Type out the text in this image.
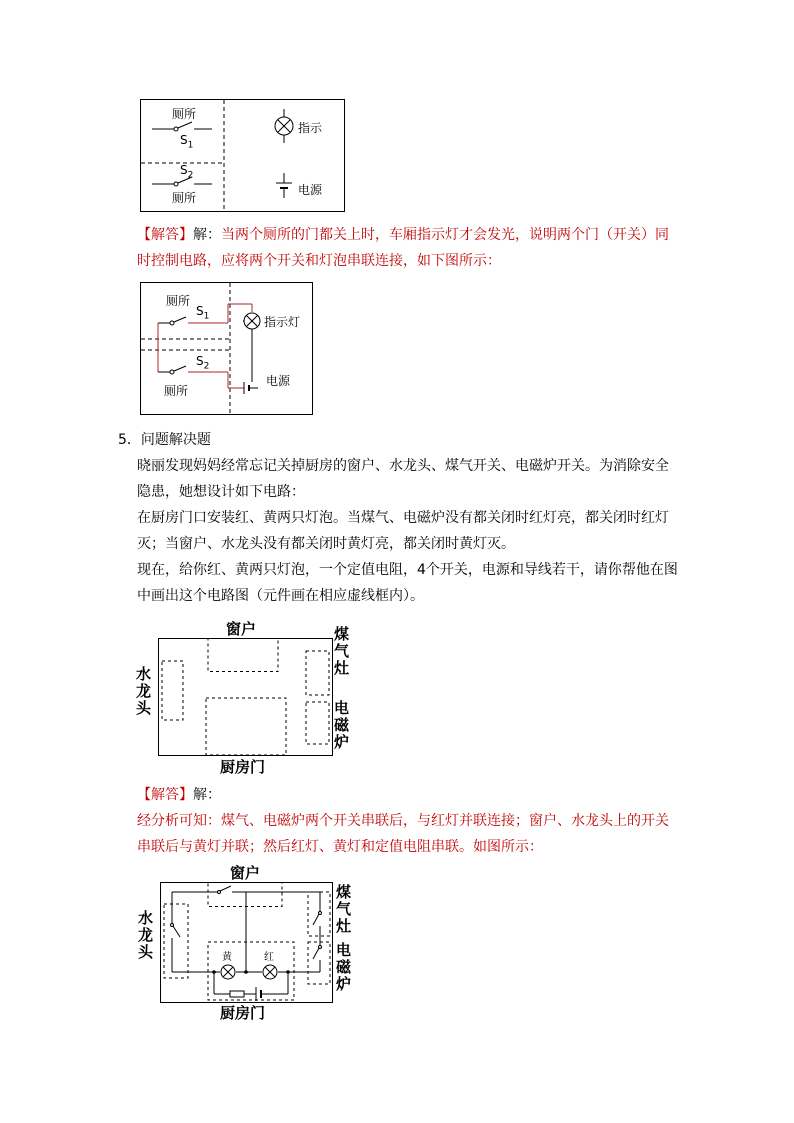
厕所
$S_1$
指示
$S_2$
厕所
电源
【解答】解：当两个厕所的门都关上时，车厢指示灯才会发光，说明两个门（开关）同
时控制电路，应将两个开关和灯泡串联连接，如下图所示：
厕所
$S_1$	指示灯
$S_2$
厕所
电源
5．问题解决题
晓丽发现妈妈经常忘记关掉厨房的窗户、水龙头、煤气开关、电磁炉开关。为消除安全
隐患，她想设计如下电路：
在厨房门口安装红、黄两只灯泡。当煤气、电磁炉没有都关闭时红灯亮，都关闭时红灯
灭；当窗户、水龙头没有都关闭时黄灯亮，都关闭时黄灯灭。
现在，给你红、黄两只灯泡，一个定值电阻，4个开关，电源和导线若干，请你帮他在图
中画出这个电路图（元件画在相应虚线框内）。
窗户
水
龙
头
煤
气
灶
电
磁
炉
厨房门
【解答】解：
经分析可知：煤气、电磁炉两个开关串联后，与红灯并联连接；窗户、水龙头上的开关
串联后与黄灯并联；然后红灯、黄灯和定值电阻串联。如图所示：
窗户
水
龙
头
煤
气
灶
电
磁
炉
黄	红
厨房门
